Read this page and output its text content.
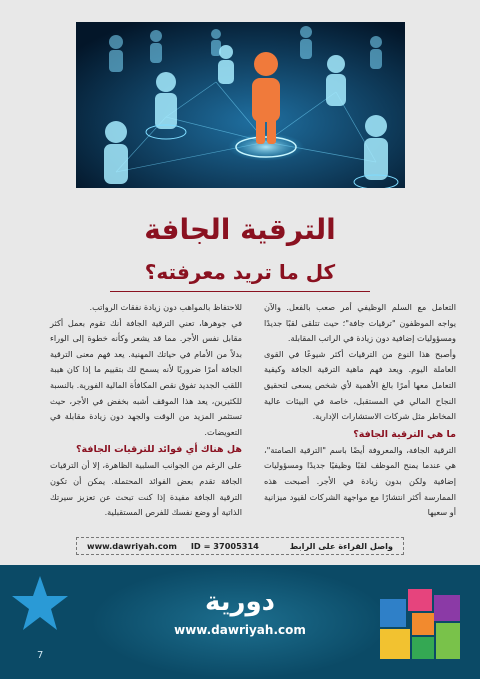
الترقية الجافة
كل ما تريد معرفته؟

التعامل مع السلم الوظيفي أمر صعب بالفعل. والآن يواجه الموظفون "ترقيات جافة"؛ حيث تتلقى لقبًا جديدًا ومسؤوليات إضافية دون زيادة في الراتب المقابلة.

وأصبح هذا النوع من الترقيات أكثر شيوعًا في القوى العاملة اليوم. ويعد فهم ماهية الترقية الجافة وكيفية التعامل معها أمرًا بالغ الأهمية لأي شخص يسعى لتحقيق النجاح المالي في المستقبل، خاصة في البيئات عالية المخاطر مثل شركات الاستشارات الإدارية.

ما هي الترقية الجافة؟

الترقية الجافة، والمعروفة أيضًا باسم "الترقية الصامتة"، هي عندما يمنح الموظف لقبًا وظيفيًا جديدًا ومسؤوليات إضافية ولكن بدون زيادة في الأجر. أصبحت هذه الممارسة أكثر انتشارًا مع مواجهة الشركات لقيود ميزانية أو سعيها

للاحتفاظ بالمواهب دون زيادة نفقات الرواتب.

في جوهرها، تعني الترقية الجافة أنك تقوم بعمل أكثر مقابل نفس الأجر. مما قد يشعر وكأنه خطوة إلى الوراء بدلاً من الأمام في حياتك المهنية. يعد فهم معنى الترقية الجافة أمرًا ضروريًا لأنه يسمح لك بتقييم ما إذا كان هيبة اللقب الجديد تفوق نقص المكافأة المالية الفورية. بالنسبة للكثيرين، يعد هذا الموقف أشبه بخفض في الأجر، حيث تستثمر المزيد من الوقت والجهد دون زيادة مقابلة في التعويضات.

هل هناك أي فوائد للترقيات الجافة؟

على الرغم من الجوانب السلبية الظاهرة، إلا أن الترقيات الجافة تقدم بعض الفوائد المحتملة. يمكن أن تكون الترقية الجافة مفيدة إذا كنت تبحث عن تعزيز سيرتك الذاتية أو وضع نفسك للفرص المستقبلية.

واصل القراءة على الرابط
www.dawriyah.com ID = 37005314
7
دورية
www.dawriyah.com
